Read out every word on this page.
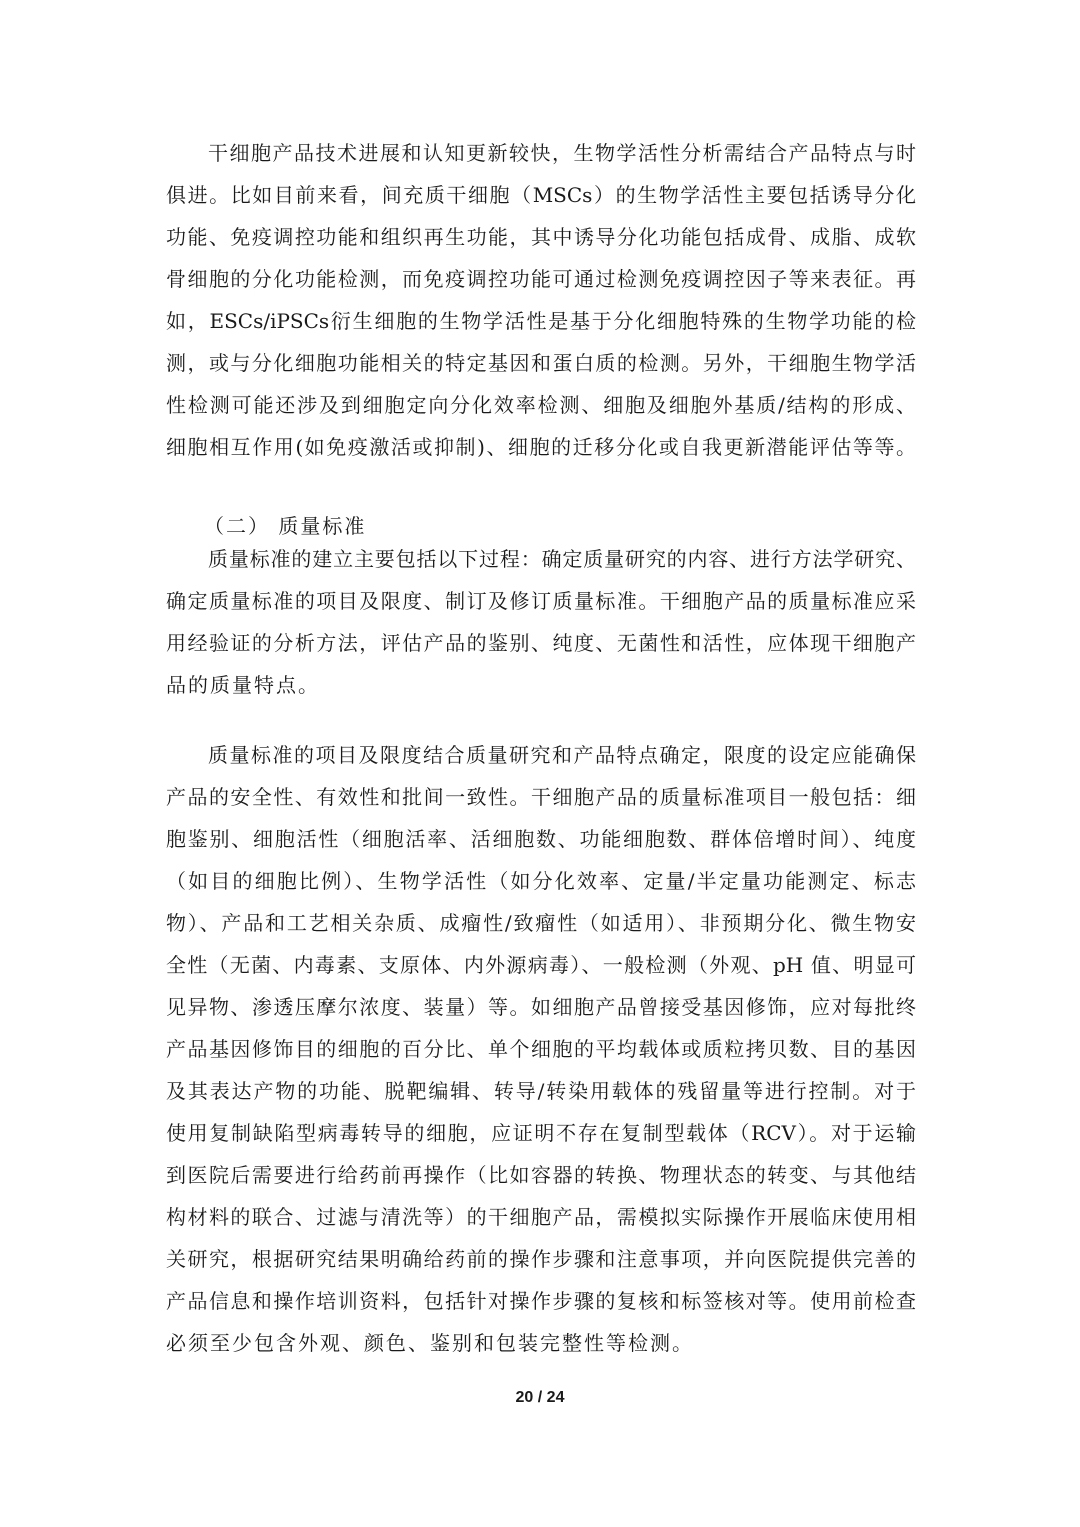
干细胞产品技术进展和认知更新较快，生物学活性分析需结合产品特点与时
俱进。比如目前来看，间充质干细胞（MSCs）的生物学活性主要包括诱导分化
功能、免疫调控功能和组织再生功能，其中诱导分化功能包括成骨、成脂、成软
骨细胞的分化功能检测，而免疫调控功能可通过检测免疫调控因子等来表征。再
如，ESCs/iPSCs衍生细胞的生物学活性是基于分化细胞特殊的生物学功能的检
测，或与分化细胞功能相关的特定基因和蛋白质的检测。另外，干细胞生物学活
性检测可能还涉及到细胞定向分化效率检测、细胞及细胞外基质/结构的形成、
细胞相互作用(如免疫激活或抑制)、细胞的迁移分化或自我更新潜能评估等等。
（二） 质量标准
质量标准的建立主要包括以下过程：确定质量研究的内容、进行方法学研究、
确定质量标准的项目及限度、制订及修订质量标准。干细胞产品的质量标准应采
用经验证的分析方法，评估产品的鉴别、纯度、无菌性和活性，应体现干细胞产
品的质量特点。
质量标准的项目及限度结合质量研究和产品特点确定，限度的设定应能确保
产品的安全性、有效性和批间一致性。干细胞产品的质量标准项目一般包括：细
胞鉴别、细胞活性（细胞活率、活细胞数、功能细胞数、群体倍增时间）、纯度
（如目的细胞比例）、生物学活性（如分化效率、定量/半定量功能测定、标志
物）、产品和工艺相关杂质、成瘤性/致瘤性（如适用）、非预期分化、微生物安
全性（无菌、内毒素、支原体、内外源病毒）、一般检测（外观、pH 值、明显可
见异物、渗透压摩尔浓度、装量）等。如细胞产品曾接受基因修饰，应对每批终
产品基因修饰目的细胞的百分比、单个细胞的平均载体或质粒拷贝数、目的基因
及其表达产物的功能、脱靶编辑、转导/转染用载体的残留量等进行控制。对于
使用复制缺陷型病毒转导的细胞，应证明不存在复制型载体（RCV）。对于运输
到医院后需要进行给药前再操作（比如容器的转换、物理状态的转变、与其他结
构材料的联合、过滤与清洗等）的干细胞产品，需模拟实际操作开展临床使用相
关研究，根据研究结果明确给药前的操作步骤和注意事项，并向医院提供完善的
产品信息和操作培训资料，包括针对操作步骤的复核和标签核对等。使用前检查
必须至少包含外观、颜色、鉴别和包装完整性等检测。
20 / 24
